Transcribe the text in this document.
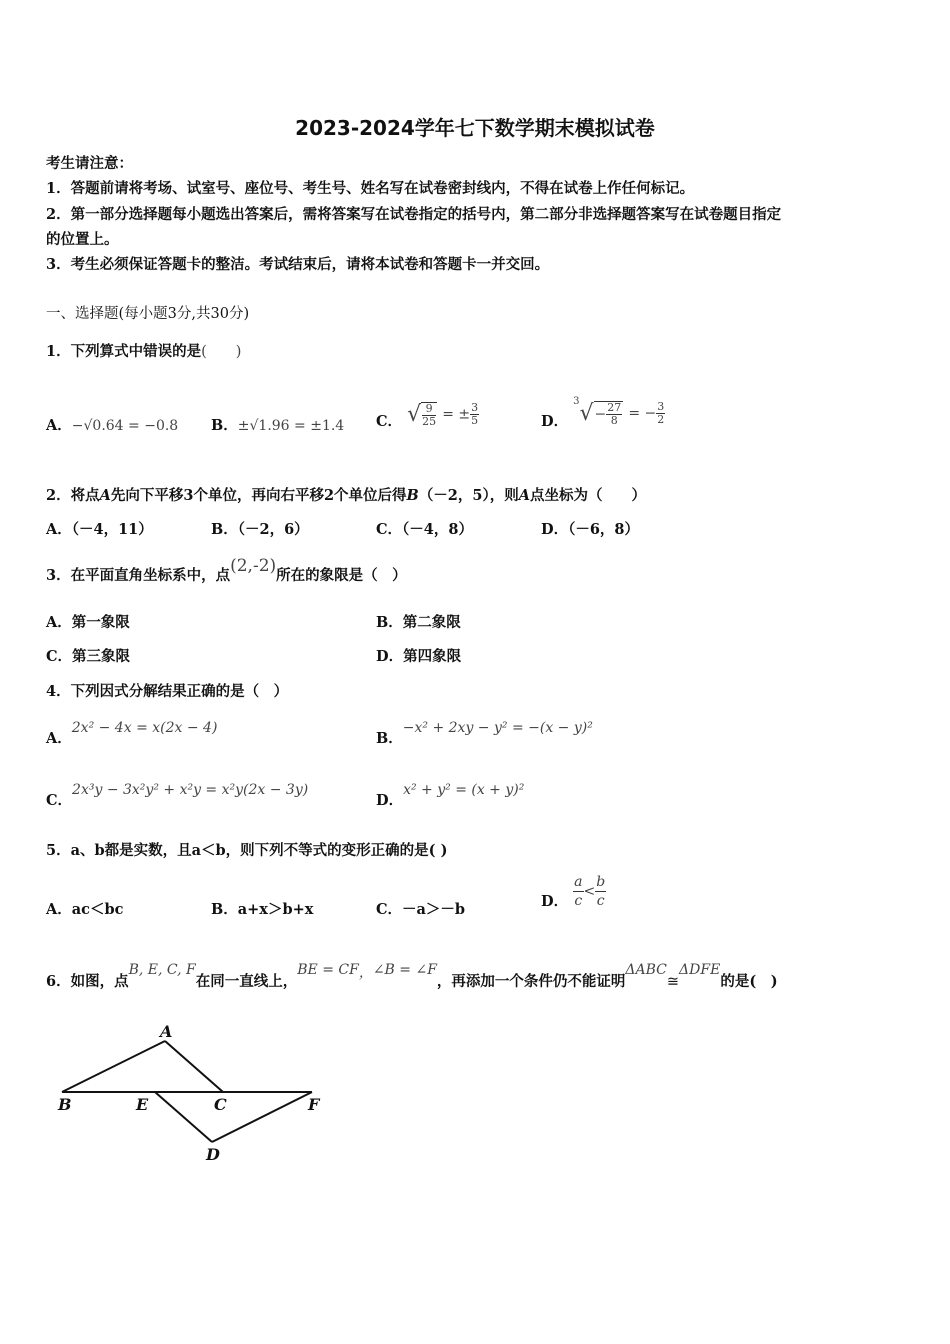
2023-2024学年七下数学期末模拟试卷
考生请注意：
1．答题前请将考场、试室号、座位号、考生号、姓名写在试卷密封线内，不得在试卷上作任何标记。
2．第一部分选择题每小题选出答案后，需将答案写在试卷指定的括号内，第二部分非选择题答案写在试卷题目指定
的位置上。
3．考生必须保证答题卡的整洁。考试结束后，请将本试卷和答题卡一并交回。
一、选择题(每小题3分,共30分)
1．下列算式中错误的是(　　)
A．−√0.64 = −0.8 B．±√1.96 = ±1.4 C． √ $\frac{9}{25}$ = ± $\frac{3}{5}$	D． $^3√- \frac{27}{8}$ = − $\frac{3}{2}$
2．将点A先向下平移3个单位，再向右平移2个单位后得B（－2，5），则A点坐标为（　　）
A．（－4，11）	B．（－2，6）	C．（－4，8）	D．（－6，8）
3．在平面直角坐标系中，点(2,-2)所在的象限是（　）
A．第一象限	B．第二象限
C．第三象限	D．第四象限
4．下列因式分解结果正确的是（　）
A．2x² − 4x = x(2x − 4)
B．−x² + 2xy − y² = −(x − y)²
C．2x³y − 3x²y² + x²y = x²y(2x − 3y)
D．x² + y² = (x + y)²
5．a、b都是实数，且a＜b，则下列不等式的变形正确的是( )
A．ac＜bc	B．a+x＞b+x	C．－a＞－b	D． $\frac{a}{c} < \frac{b}{c}$
6．如图，点B, E, C, F在同一直线上，BE = CF，∠B = ∠F，再添加一个条件仍不能证明ΔABC≅ΔDFE的是(　)
A
B	E	C	F
D
